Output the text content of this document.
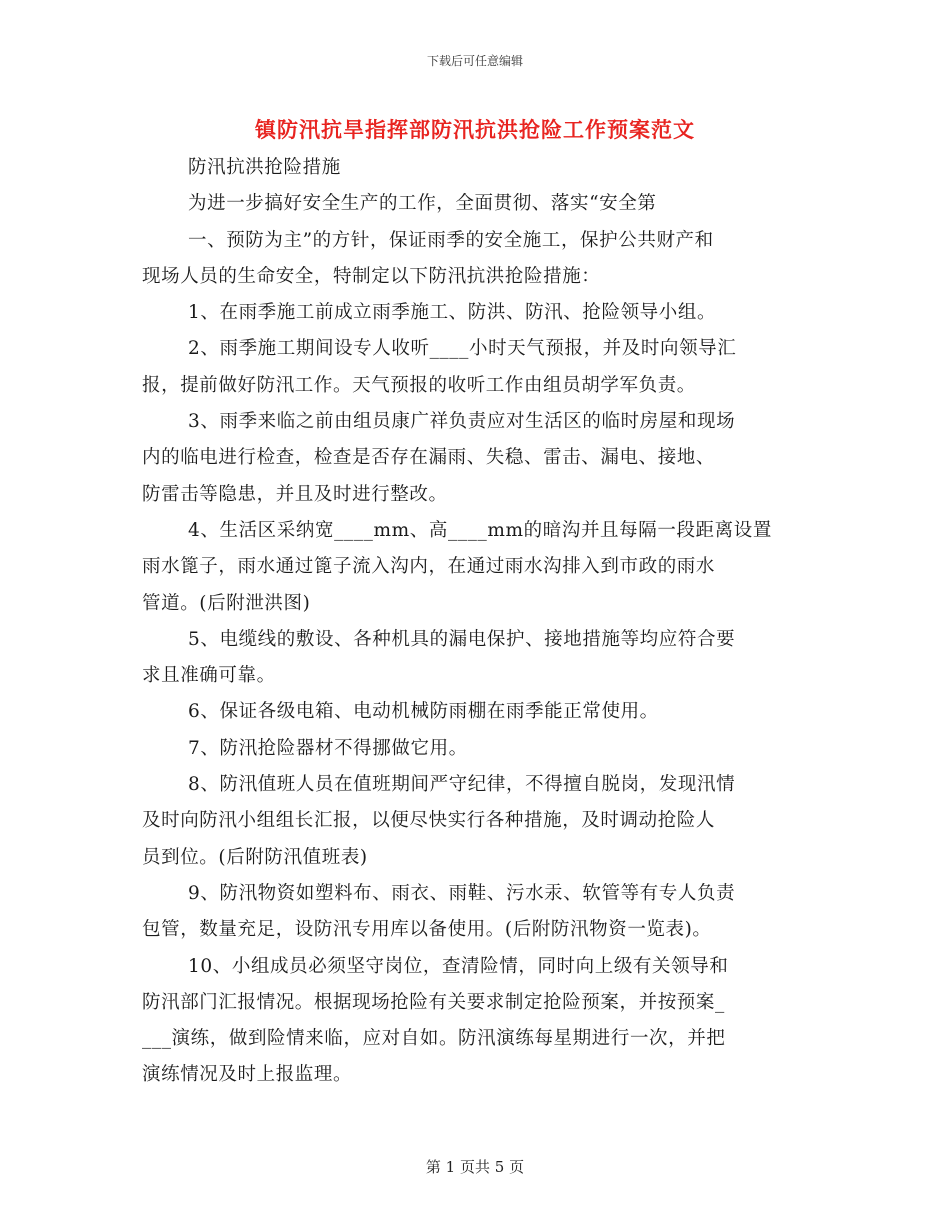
下载后可任意编辑
镇防汛抗旱指挥部防汛抗洪抢险工作预案范文
防汛抗洪抢险措施
为进一步搞好安全生产的工作，全面贯彻、落实“安全第
一、预防为主”的方针，保证雨季的安全施工，保护公共财产和
现场人员的生命安全，特制定以下防汛抗洪抢险措施：
1、在雨季施工前成立雨季施工、防洪、防汛、抢险领导小组。
2、雨季施工期间设专人收听____小时天气预报，并及时向领导汇
报，提前做好防汛工作。天气预报的收听工作由组员胡学军负责。
3、雨季来临之前由组员康广祥负责应对生活区的临时房屋和现场
内的临电进行检查，检查是否存在漏雨、失稳、雷击、漏电、接地、
防雷击等隐患，并且及时进行整改。
4、生活区采纳宽____mm、高____mm的暗沟并且每隔一段距离设置
雨水篦子，雨水通过篦子流入沟内，在通过雨水沟排入到市政的雨水
管道。(后附泄洪图)
5、电缆线的敷设、各种机具的漏电保护、接地措施等均应符合要
求且准确可靠。
6、保证各级电箱、电动机械防雨棚在雨季能正常使用。
7、防汛抢险器材不得挪做它用。
8、防汛值班人员在值班期间严守纪律，不得擅自脱岗，发现汛情
及时向防汛小组组长汇报，以便尽快实行各种措施，及时调动抢险人
员到位。(后附防汛值班表)
9、防汛物资如塑料布、雨衣、雨鞋、污水汞、软管等有专人负责
包管，数量充足，设防汛专用库以备使用。(后附防汛物资一览表)。
10、小组成员必须坚守岗位，查清险情，同时向上级有关领导和
防汛部门汇报情况。根据现场抢险有关要求制定抢险预案，并按预案_
___演练，做到险情来临，应对自如。防汛演练每星期进行一次，并把
演练情况及时上报监理。
第 1 页共 5 页
